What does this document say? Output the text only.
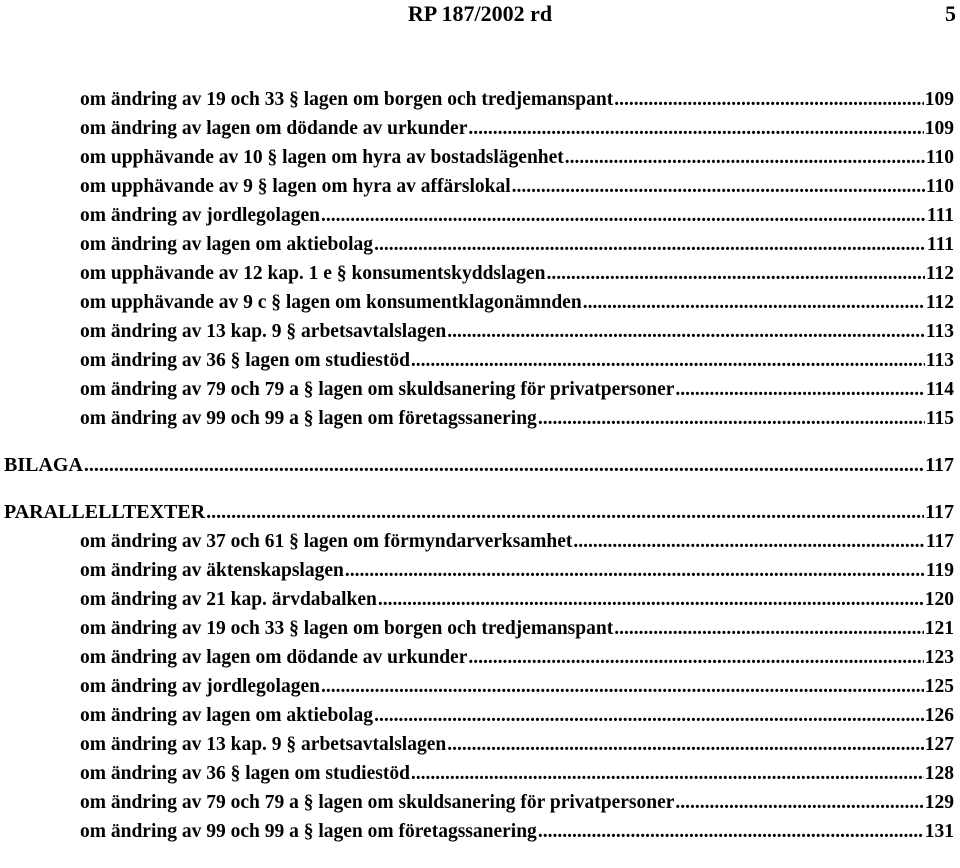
RP 187/2002 rd	5
om ändring av 19 och 33 § lagen om borgen och tredjemanspant .....	109
om ändring av lagen om dödande av urkunder .....	109
om upphävande av 10 § lagen om hyra av bostadslägenhet .....	110
om upphävande av 9 § lagen om hyra av affärslokal .....	110
om ändring av jordlegolagen .....	111
om ändring av lagen om aktiebolag .....	111
om upphävande av 12 kap. 1 e § konsumentskyddslagen .....	112
om upphävande av 9 c § lagen om konsumentklagonämnden .....	112
om ändring av 13 kap. 9 § arbetsavtalslagen .....	113
om ändring av 36 § lagen om studiestöd .....	113
om ändring av 79 och 79 a § lagen om skuldsanering för privatpersoner .....	114
om ändring av 99 och 99 a § lagen om företagssanering .....	115
BILAGA .....	117
PARALLELLTEXTER .....	117
om ändring av 37 och 61 § lagen om förmyndarverksamhet .....	117
om ändring av äktenskapslagen .....	119
om ändring av 21 kap. ärvdabalken .....	120
om ändring av 19 och 33 § lagen om borgen och tredjemanspant .....	121
om ändring av lagen om dödande av urkunder .....	123
om ändring av jordlegolagen .....	125
om ändring av lagen om aktiebolag .....	126
om ändring av 13 kap. 9 § arbetsavtalslagen .....	127
om ändring av 36 § lagen om studiestöd .....	128
om ändring av 79 och 79 a § lagen om skuldsanering för privatpersoner .....	129
om ändring av 99 och 99 a § lagen om företagssanering .....	131
